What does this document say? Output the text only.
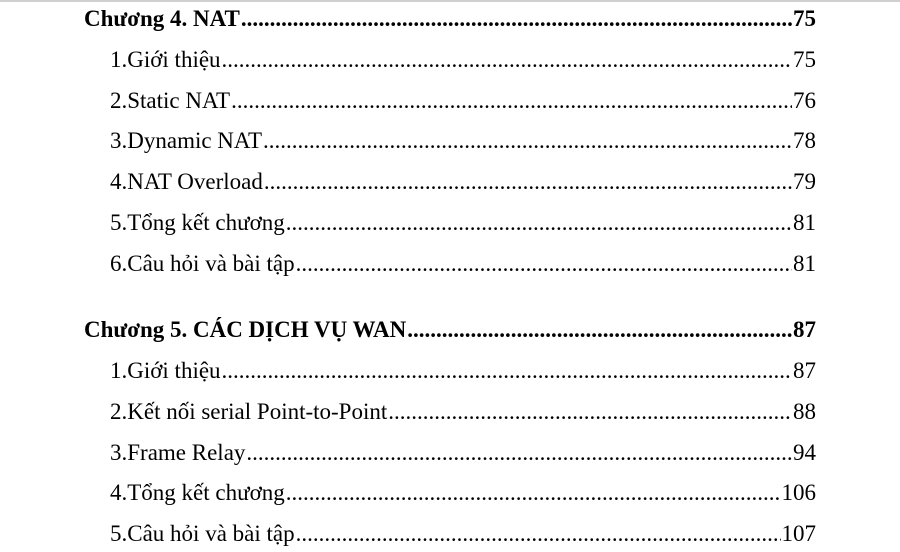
Chương 4. NAT .....	75
1. Giới thiệu .....	75
2. Static NAT .....	76
3. Dynamic NAT .....	78
4. NAT Overload .....	79
5. Tổng kết chương .....	81
6. Câu hỏi và bài tập .....	81
Chương 5. CÁC DỊCH VỤ WAN .....	87
1. Giới thiệu .....	87
2. Kết nối serial Point-to-Point .....	88
3. Frame Relay .....	94
4. Tổng kết chương .....	106
5. Câu hỏi và bài tập .....	107
